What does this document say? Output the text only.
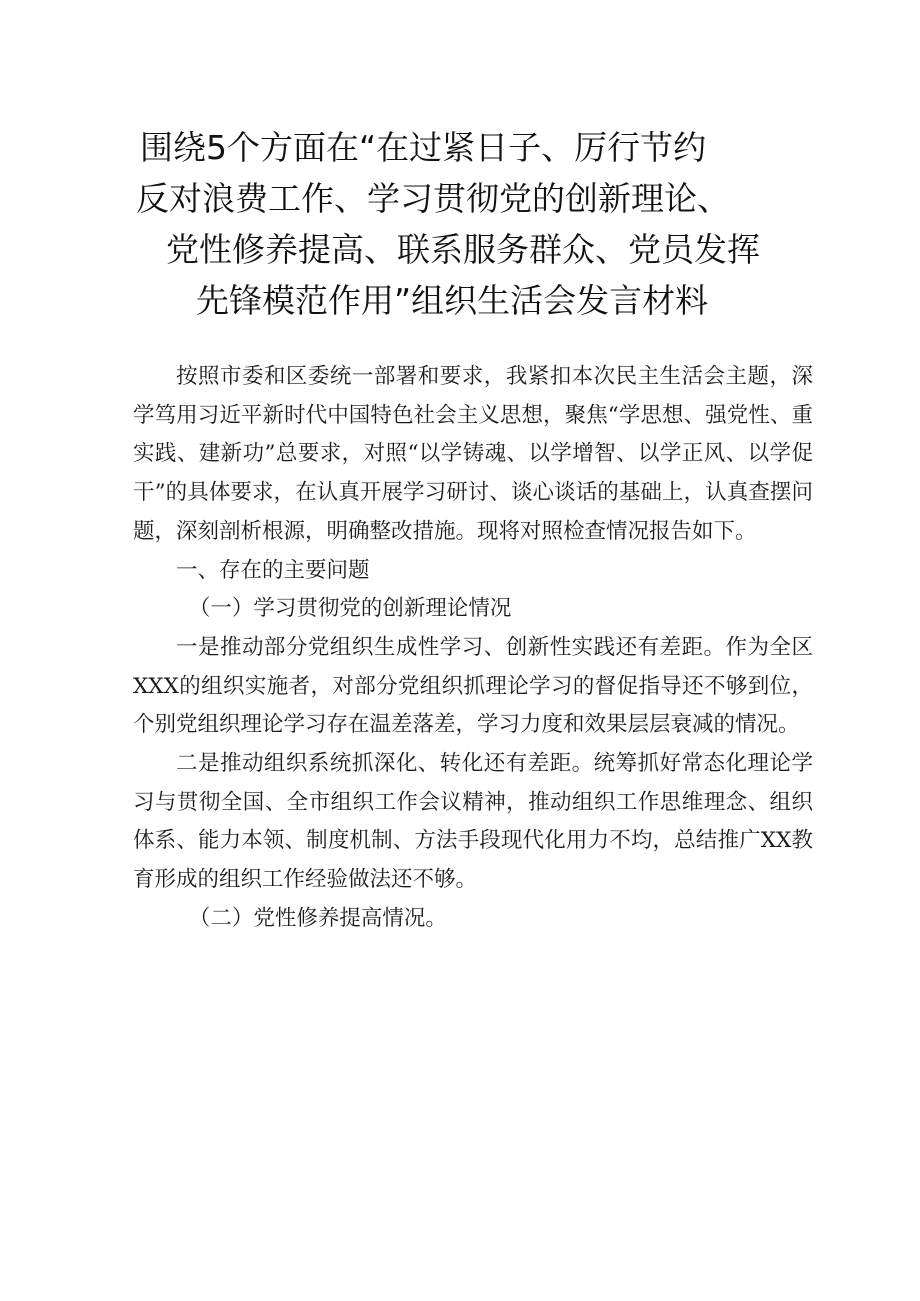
围绕5个方面在“在过紧日子、厉行节约
反对浪费工作、学习贯彻党的创新理论、
党性修养提高、联系服务群众、党员发挥
先锋模范作用”组织生活会发言材料

按照市委和区委统一部署和要求，我紧扣本次民主生活会主题，深学笃用习近平新时代中国特色社会主义思想，聚焦“学思想、强党性、重实践、建新功”总要求，对照“以学铸魂、以学增智、以学正风、以学促干”的具体要求，在认真开展学习研讨、谈心谈话的基础上，认真查摆问题，深刻剖析根源，明确整改措施。现将对照检查情况报告如下。

一、存在的主要问题

（一）学习贯彻党的创新理论情况

一是推动部分党组织生成性学习、创新性实践还有差距。作为全区XXX的组织实施者，对部分党组织抓理论学习的督促指导还不够到位，个别党组织理论学习存在温差落差，学习力度和效果层层衰减的情况。

二是推动组织系统抓深化、转化还有差距。统筹抓好常态化理论学习与贯彻全国、全市组织工作会议精神，推动组织工作思维理念、组织体系、能力本领、制度机制、方法手段现代化用力不均，总结推广XX教育形成的组织工作经验做法还不够。

（二）党性修养提高情况。
